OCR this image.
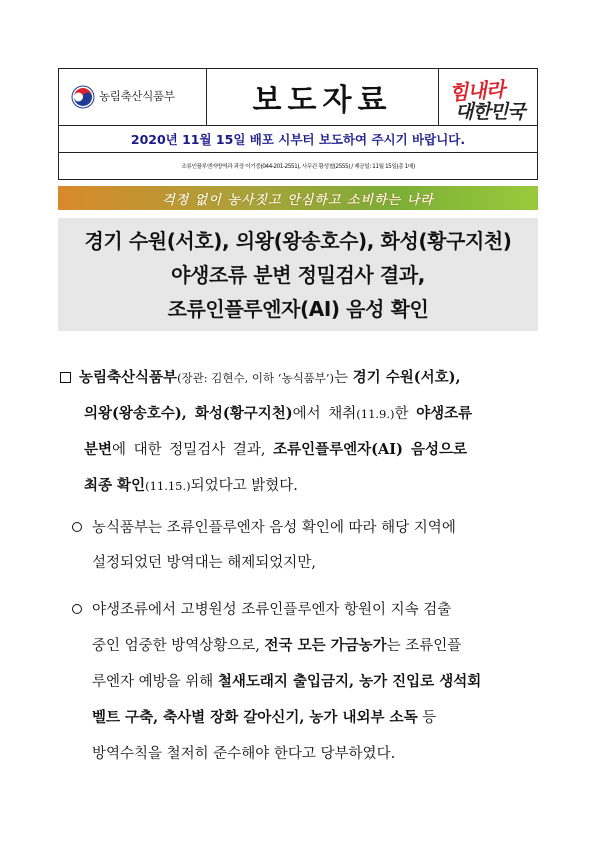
농림축산식품부	보도자료	힘내라
대한민국
2020년 11월 15일 배포 시부터 보도하여 주시기 바랍니다.
조류인플루엔자방역과 과장 이기중(044-201-2551), 사무관 황성철(2555) / 제공일: 11월 15일(총 1매)
걱정 없이 농사짓고 안심하고 소비하는 나라
경기 수원(서호), 의왕(왕송호수), 화성(황구지천)
야생조류 분변 정밀검사 결과,
조류인플루엔자(AI) 음성 확인
농림축산식품부(장관: 김현수, 이하 ‘농식품부’)는 경기 수원(서호),
의왕(왕송호수), 화성(황구지천)에서 채취(11.9.)한 야생조류
분변에 대한 정밀검사 결과, 조류인플루엔자(AI) 음성으로
최종 확인(11.15.)되었다고 밝혔다.
농식품부는 조류인플루엔자 음성 확인에 따라 해당 지역에
설정되었던 방역대는 해제되었지만,
야생조류에서 고병원성 조류인플루엔자 항원이 지속 검출
중인 엄중한 방역상황으로, 전국 모든 가금농가는 조류인플
루엔자 예방을 위해 철새도래지 출입금지, 농가 진입로 생석회
벨트 구축, 축사별 장화 갈아신기, 농가 내외부 소독 등
방역수칙을 철저히 준수해야 한다고 당부하였다.
